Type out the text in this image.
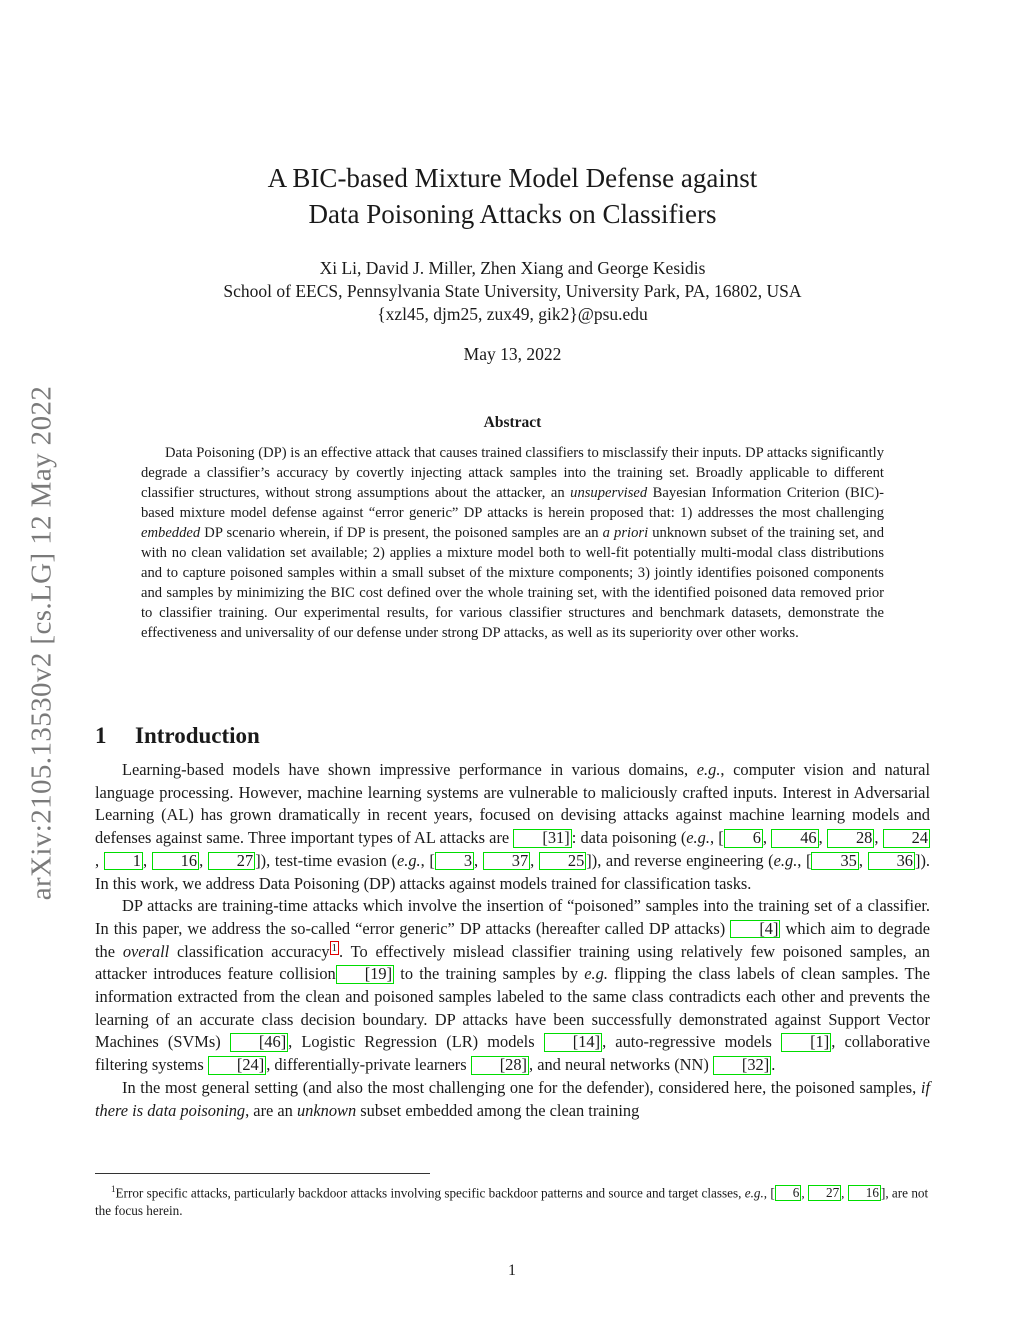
arXiv:2105.13530v2 [cs.LG] 12 May 2022
A BIC-based Mixture Model Defense against
Data Poisoning Attacks on Classifiers
Xi Li, David J. Miller, Zhen Xiang and George Kesidis
School of EECS, Pennsylvania State University, University Park, PA, 16802, USA
{xzl45, djm25, zux49, gik2}@psu.edu
May 13, 2022
Abstract

Data Poisoning (DP) is an effective attack that causes trained classifiers to misclassify their inputs. DP attacks significantly degrade a classifier’s accuracy by covertly injecting attack samples into the training set. Broadly applicable to different classifier structures, without strong assumptions about the attacker, an unsupervised Bayesian Information Criterion (BIC)-based mixture model defense against “error generic” DP attacks is herein proposed that: 1) addresses the most challenging embedded DP scenario wherein, if DP is present, the poisoned samples are an a priori unknown subset of the training set, and with no clean validation set available; 2) applies a mixture model both to well-fit potentially multi-modal class distributions and to capture poisoned samples within a small subset of the mixture components; 3) jointly identifies poisoned components and samples by minimizing the BIC cost defined over the whole training set, with the identified poisoned data removed prior to classifier training. Our experimental results, for various classifier structures and benchmark datasets, demonstrate the effectiveness and universality of our defense under strong DP attacks, as well as its superiority over other works.

1 Introduction

Learning-based models have shown impressive performance in various domains, e.g., computer vision and natural language processing. However, machine learning systems are vulnerable to maliciously crafted inputs. Interest in Adversarial Learning (AL) has grown dramatically in recent years, focused on devising attacks against machine learning models and defenses against same. Three important types of AL attacks are [31] : data poisoning (e.g., [ 6 , 46 , 28 , 24, 1 , 16 , 27 ]), test-time evasion (e.g., [ 3 , 37 , 25 ]), and reverse engineering (e.g., [ 35 , 36 ]). In this work, we address Data Poisoning (DP) attacks against models trained for classification tasks.

DP attacks are training-time attacks which involve the insertion of “poisoned” samples into the training set of a classifier. In this paper, we address the so-called “error generic” DP attacks (hereafter called DP attacks) [4] which aim to degrade the overall classification accuracy $^1$ . To effectively mislead classifier training using relatively few poisoned samples, an attacker introduces feature collision [19] to the training samples by e.g. flipping the class labels of clean samples. The information extracted from the clean and poisoned samples labeled to the same class contradicts each other and prevents the learning of an accurate class decision boundary. DP attacks have been successfully demonstrated against Support Vector Machines (SVMs) [46] , Logistic Regression (LR) models [14] , auto-regressive models [1] , collaborative filtering systems [24] , differentially-private learners [28] , and neural networks (NN) [32] .

In the most general setting (and also the most challenging one for the defender), considered here, the poisoned samples, if there is data poisoning, are an unknown subset embedded among the clean training

$^1$Error specific attacks, particularly backdoor attacks involving specific backdoor patterns and source and target classes, e.g., [ 6 , 27 , 16 ], are not the focus herein.

1
